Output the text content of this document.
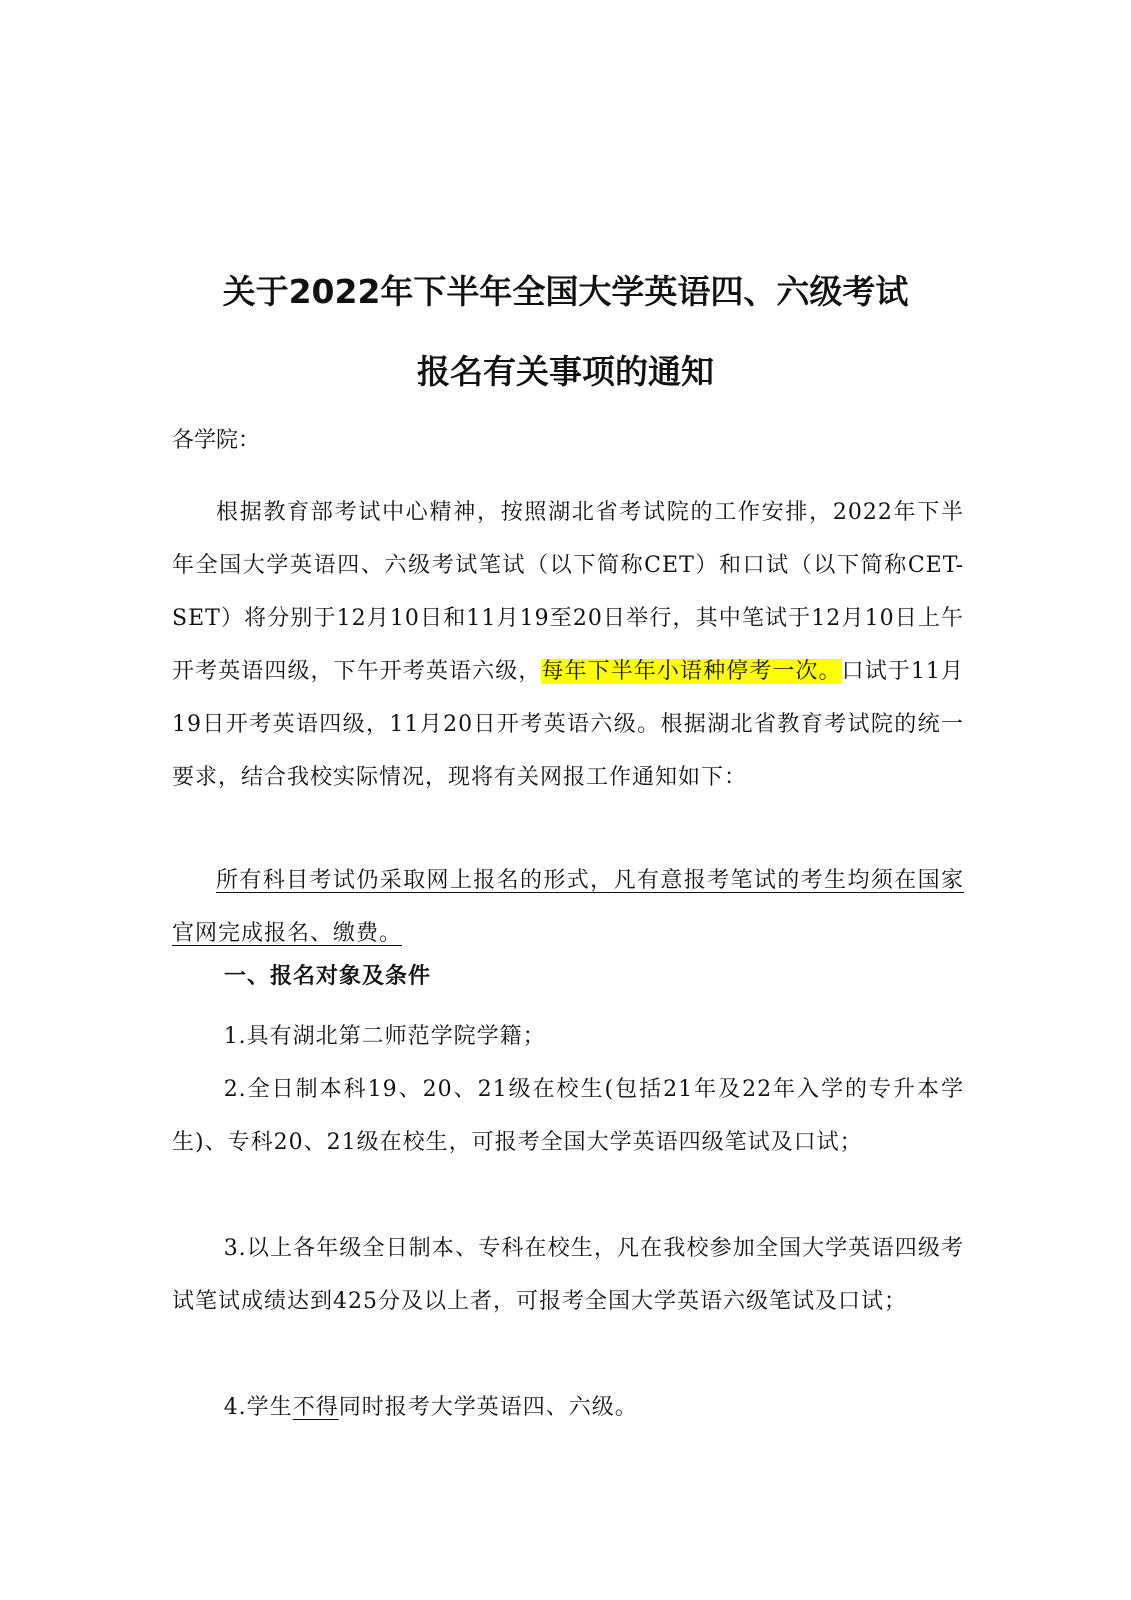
关于2022年下半年全国大学英语四、六级考试
报名有关事项的通知

各学院：

根据教育部考试中心精神，按照湖北省考试院的工作安排，2022年下半年全国大学英语四、六级考试笔试（以下简称CET）和口试（以下简称CET-SET）将分别于12月10日和11月19至20日举行，其中笔试于12月10日上午开考英语四级，下午开考英语六级，每年下半年小语种停考一次。口试于11月19日开考英语四级，11月20日开考英语六级。根据湖北省教育考试院的统一要求，结合我校实际情况，现将有关网报工作通知如下：

所有科目考试仍采取网上报名的形式，凡有意报考笔试的考生均须在国家官网完成报名、缴费。

一、报名对象及条件

1.具有湖北第二师范学院学籍；

2.全日制本科19、20、21级在校生(包括21年及22年入学的专升本学生)、专科20、21级在校生，可报考全国大学英语四级笔试及口试；

3.以上各年级全日制本、专科在校生，凡在我校参加全国大学英语四级考试笔试成绩达到425分及以上者，可报考全国大学英语六级笔试及口试；

4.学生不得同时报考大学英语四、六级。
